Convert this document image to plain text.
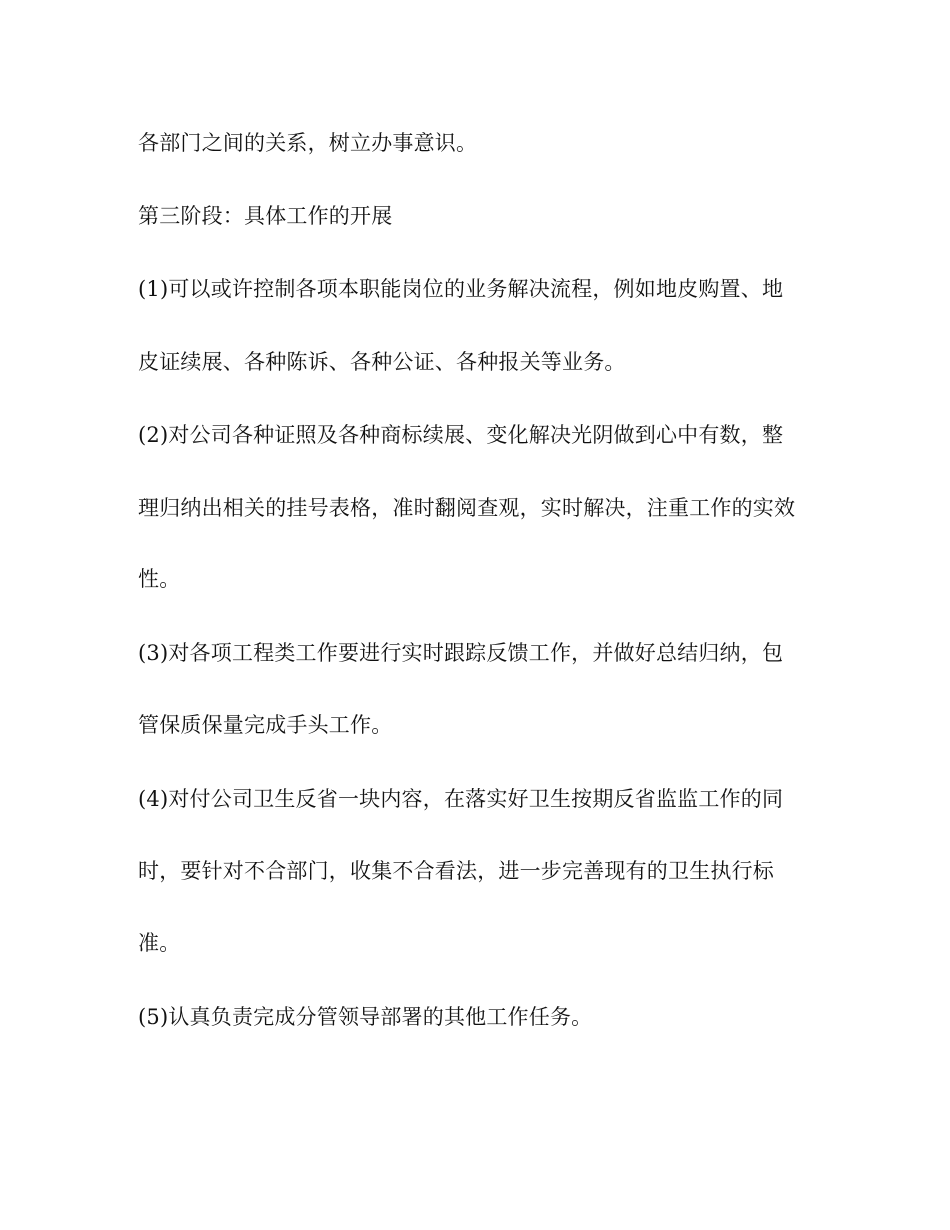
各部门之间的关系，树立办事意识。
第三阶段：具体工作的开展
(1)可以或许控制各项本职能岗位的业务解决流程，例如地皮购置、地
皮证续展、各种陈诉、各种公证、各种报关等业务。
(2)对公司各种证照及各种商标续展、变化解决光阴做到心中有数，整
理归纳出相关的挂号表格，准时翻阅查观，实时解决，注重工作的实效
性。
(3)对各项工程类工作要进行实时跟踪反馈工作，并做好总结归纳，包
管保质保量完成手头工作。
(4)对付公司卫生反省一块内容，在落实好卫生按期反省监监工作的同
时，要针对不合部门，收集不合看法，进一步完善现有的卫生执行标
准。
(5)认真负责完成分管领导部署的其他工作任务。
